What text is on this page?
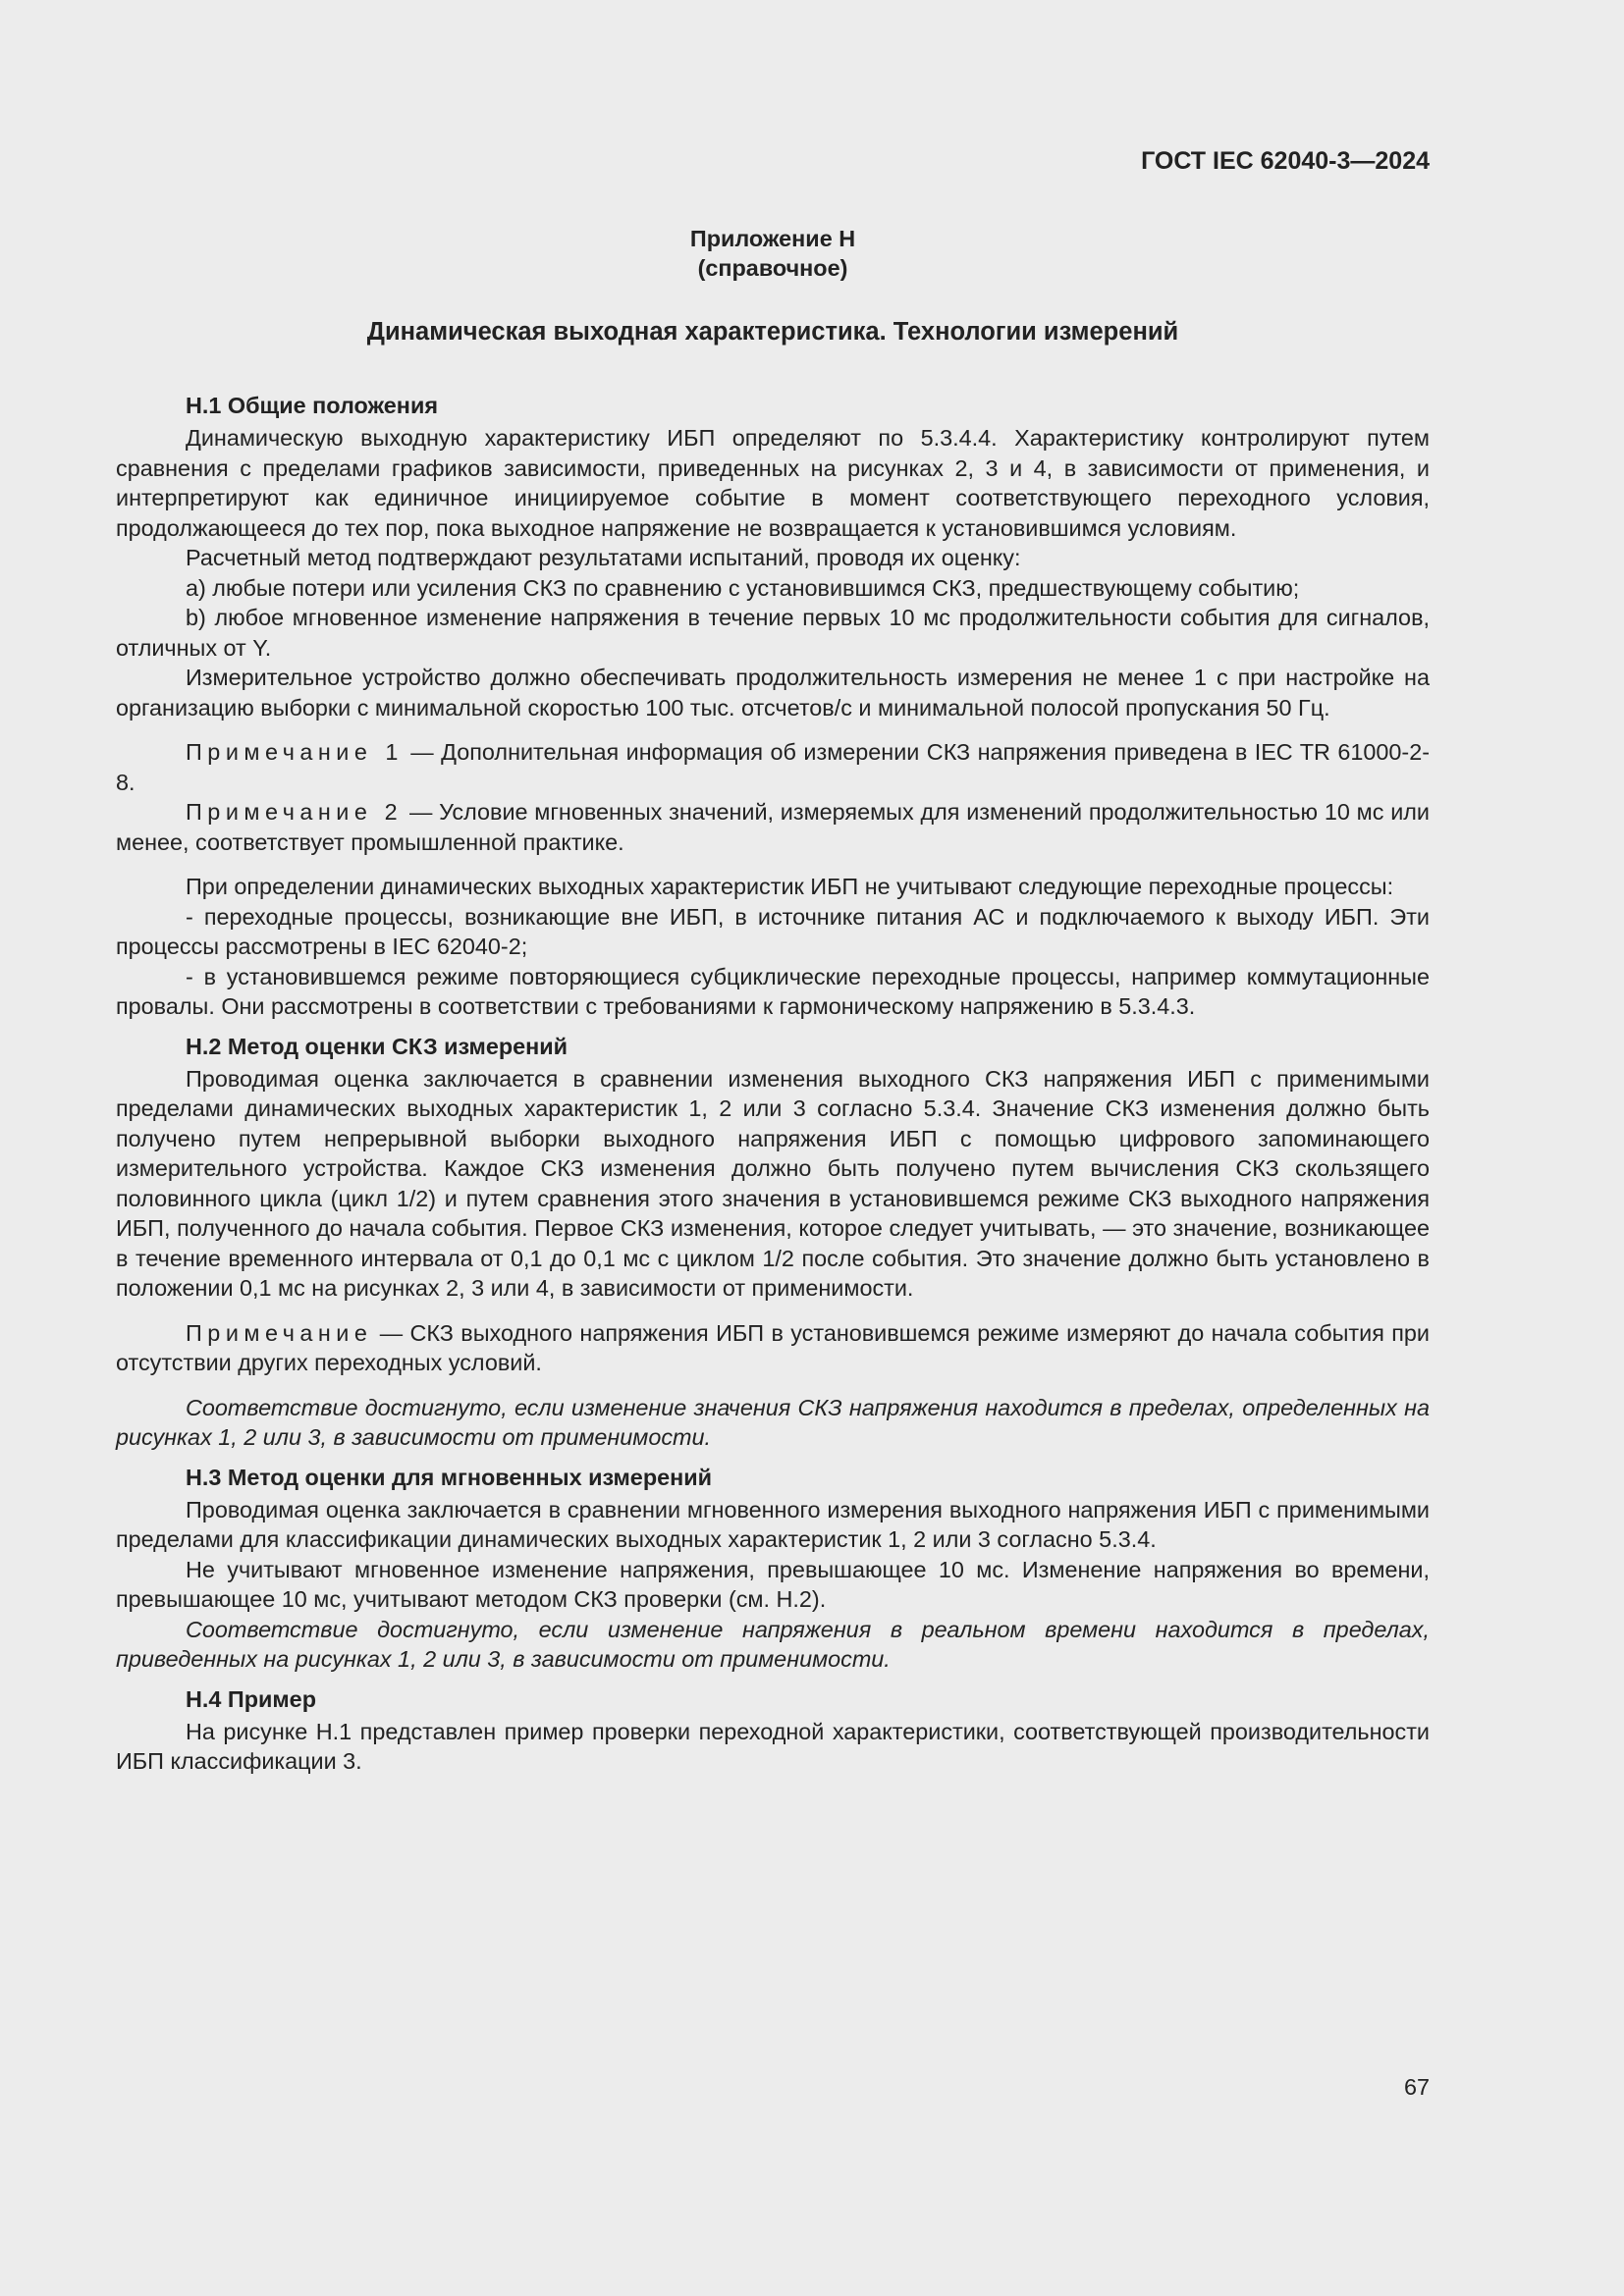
ГОСТ IEC 62040-3—2024

Приложение Н
(справочное)
Динамическая выходная характеристика. Технологии измерений
Н.1 Общие положения

Динамическую выходную характеристику ИБП определяют по 5.3.4.4. Характеристику контролируют путем сравнения с пределами графиков зависимости, приведенных на рисунках 2, 3 и 4, в зависимости от применения, и интерпретируют как единичное инициируемое событие в момент соответствующего переходного условия, продолжающееся до тех пор, пока выходное напряжение не возвращается к установившимся условиям.

Расчетный метод подтверждают результатами испытаний, проводя их оценку:

а) любые потери или усиления СКЗ по сравнению с установившимся СКЗ, предшествующему событию;

b) любое мгновенное изменение напряжения в течение первых 10 мс продолжительности события для сигналов, отличных от Y.

Измерительное устройство должно обеспечивать продолжительность измерения не менее 1 с при настройке на организацию выборки с минимальной скоростью 100 тыс. отсчетов/с и минимальной полосой пропускания 50 Гц.

Примечание 1 — Дополнительная информация об измерении СКЗ напряжения приведена в IEC TR 61000-2-8.

Примечание 2 — Условие мгновенных значений, измеряемых для изменений продолжительностью 10 мс или менее, соответствует промышленной практике.

При определении динамических выходных характеристик ИБП не учитывают следующие переходные процессы:

- переходные процессы, возникающие вне ИБП, в источнике питания АС и подключаемого к выходу ИБП. Эти процессы рассмотрены в IEC 62040-2;

- в установившемся режиме повторяющиеся субциклические переходные процессы, например коммутационные провалы. Они рассмотрены в соответствии с требованиями к гармоническому напряжению в 5.3.4.3.

Н.2 Метод оценки СКЗ измерений

Проводимая оценка заключается в сравнении изменения выходного СКЗ напряжения ИБП с применимыми пределами динамических выходных характеристик 1, 2 или 3 согласно 5.3.4. Значение СКЗ изменения должно быть получено путем непрерывной выборки выходного напряжения ИБП с помощью цифрового запоминающего измерительного устройства. Каждое СКЗ изменения должно быть получено путем вычисления СКЗ скользящего половинного цикла (цикл 1/2) и путем сравнения этого значения в установившемся режиме СКЗ выходного напряжения ИБП, полученного до начала события. Первое СКЗ изменения, которое следует учитывать, — это значение, возникающее в течение временного интервала от 0,1 до 0,1 мс с циклом 1/2 после события. Это значение должно быть установлено в положении 0,1 мс на рисунках 2, 3 или 4, в зависимости от применимости.

Примечание — СКЗ выходного напряжения ИБП в установившемся режиме измеряют до начала события при отсутствии других переходных условий.

Соответствие достигнуто, если изменение значения СКЗ напряжения находится в пределах, определенных на рисунках 1, 2 или 3, в зависимости от применимости.

Н.3 Метод оценки для мгновенных измерений

Проводимая оценка заключается в сравнении мгновенного измерения выходного напряжения ИБП с применимыми пределами для классификации динамических выходных характеристик 1, 2 или 3 согласно 5.3.4.

Не учитывают мгновенное изменение напряжения, превышающее 10 мс. Изменение напряжения во времени, превышающее 10 мс, учитывают методом СКЗ проверки (см. Н.2).

Соответствие достигнуто, если изменение напряжения в реальном времени находится в пределах, приведенных на рисунках 1, 2 или 3, в зависимости от применимости.

Н.4 Пример

На рисунке Н.1 представлен пример проверки переходной характеристики, соответствующей производительности ИБП классификации 3.

67
